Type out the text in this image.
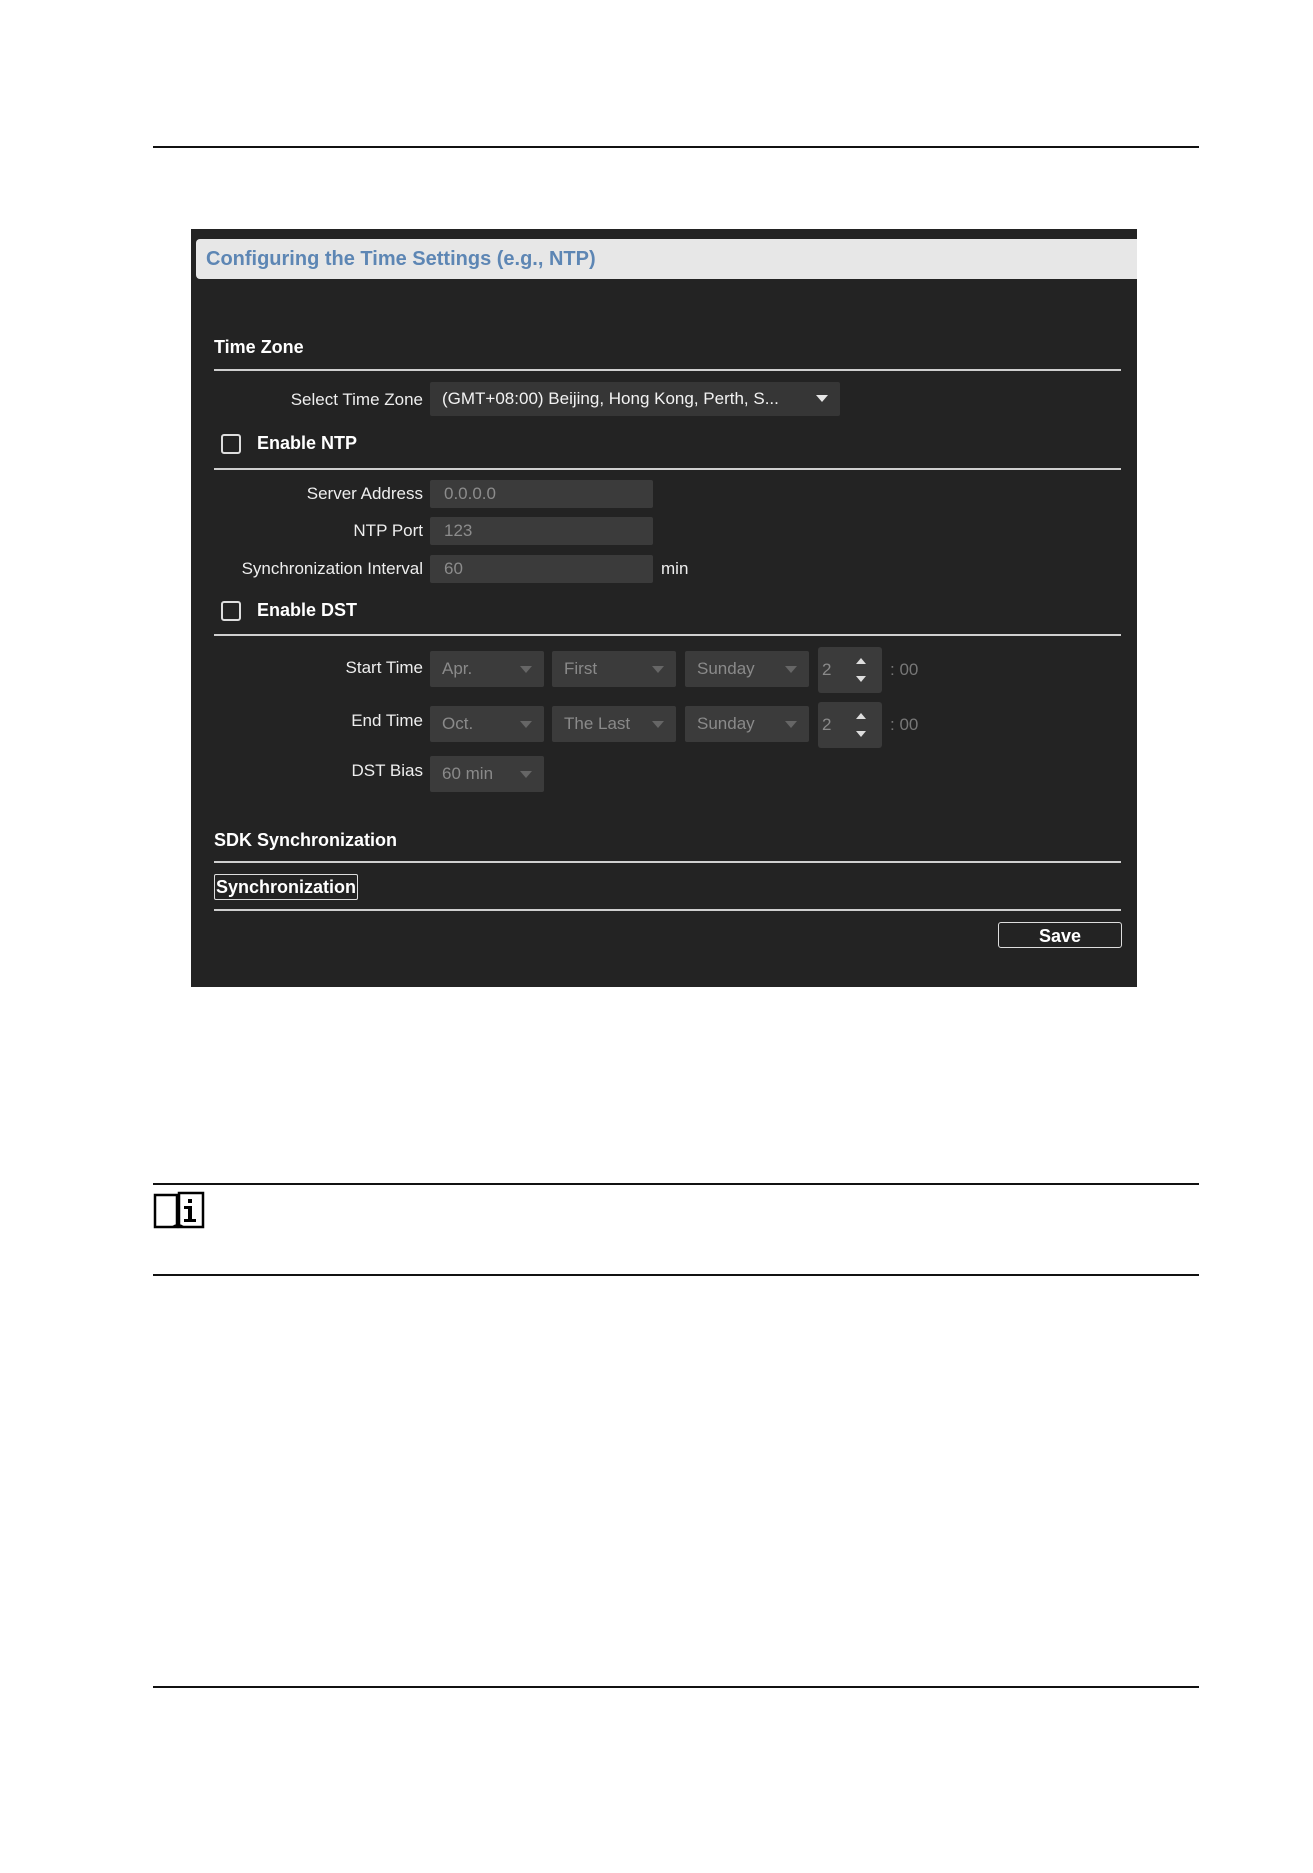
Configuring the Time Settings (e.g., NTP)
Time Zone
Select Time Zone	(GMT+08:00) Beijing, Hong Kong, Perth, S...
Enable NTP
Server Address	0.0.0.0
NTP Port	123
Synchronization Interval	60	min
Enable DST
Start Time	Apr.	First	Sunday	2	: 00
End Time	Oct.	The Last	Sunday	2	: 00
DST Bias	60 min
SDK Synchronization
Synchronization
Save
